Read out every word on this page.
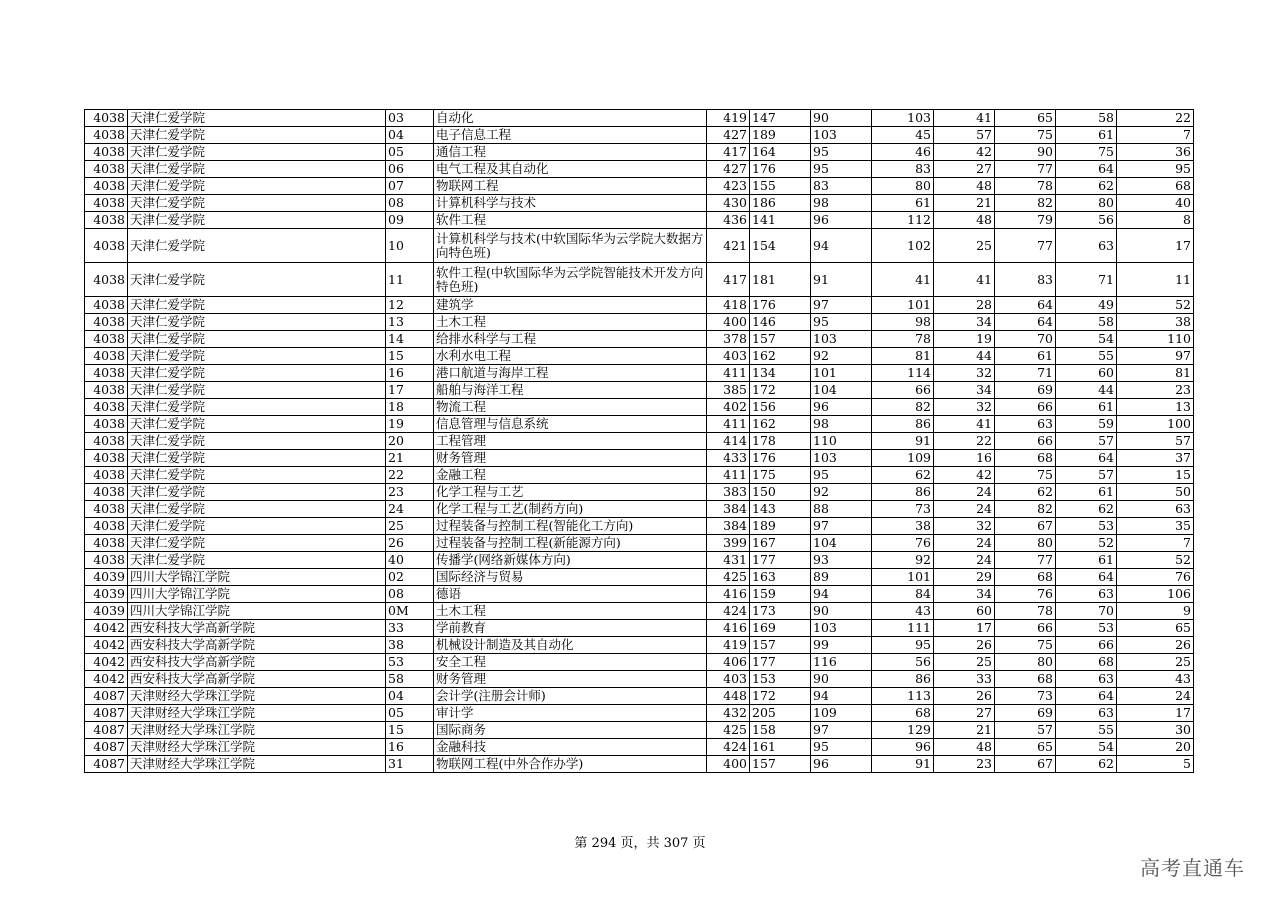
4038	天津仁爱学院	03	自动化	419	147	90	103	41	65	58	22
4038	天津仁爱学院	04	电子信息工程	427	189	103	45	57	75	61	7
4038	天津仁爱学院	05	通信工程	417	164	95	46	42	90	75	36
4038	天津仁爱学院	06	电气工程及其自动化	427	176	95	83	27	77	64	95
4038	天津仁爱学院	07	物联网工程	423	155	83	80	48	78	62	68
4038	天津仁爱学院	08	计算机科学与技术	430	186	98	61	21	82	80	40
4038	天津仁爱学院	09	软件工程	436	141	96	112	48	79	56	8
4038	天津仁爱学院	10	计算机科学与技术(中软国际华为云学院大数据方向特色班)	421	154	94	102	25	77	63	17
4038	天津仁爱学院	11	软件工程(中软国际华为云学院智能技术开发方向特色班)	417	181	91	41	41	83	71	11
4038	天津仁爱学院	12	建筑学	418	176	97	101	28	64	49	52
4038	天津仁爱学院	13	土木工程	400	146	95	98	34	64	58	38
4038	天津仁爱学院	14	给排水科学与工程	378	157	103	78	19	70	54	110
4038	天津仁爱学院	15	水利水电工程	403	162	92	81	44	61	55	97
4038	天津仁爱学院	16	港口航道与海岸工程	411	134	101	114	32	71	60	81
4038	天津仁爱学院	17	船舶与海洋工程	385	172	104	66	34	69	44	23
4038	天津仁爱学院	18	物流工程	402	156	96	82	32	66	61	13
4038	天津仁爱学院	19	信息管理与信息系统	411	162	98	86	41	63	59	100
4038	天津仁爱学院	20	工程管理	414	178	110	91	22	66	57	57
4038	天津仁爱学院	21	财务管理	433	176	103	109	16	68	64	37
4038	天津仁爱学院	22	金融工程	411	175	95	62	42	75	57	15
4038	天津仁爱学院	23	化学工程与工艺	383	150	92	86	24	62	61	50
4038	天津仁爱学院	24	化学工程与工艺(制药方向)	384	143	88	73	24	82	62	63
4038	天津仁爱学院	25	过程装备与控制工程(智能化工方向)	384	189	97	38	32	67	53	35
4038	天津仁爱学院	26	过程装备与控制工程(新能源方向)	399	167	104	76	24	80	52	7
4038	天津仁爱学院	40	传播学(网络新媒体方向)	431	177	93	92	24	77	61	52
4039	四川大学锦江学院	02	国际经济与贸易	425	163	89	101	29	68	64	76
4039	四川大学锦江学院	08	德语	416	159	94	84	34	76	63	106
4039	四川大学锦江学院	0M	土木工程	424	173	90	43	60	78	70	9
4042	西安科技大学高新学院	33	学前教育	416	169	103	111	17	66	53	65
4042	西安科技大学高新学院	38	机械设计制造及其自动化	419	157	99	95	26	75	66	26
4042	西安科技大学高新学院	53	安全工程	406	177	116	56	25	80	68	25
4042	西安科技大学高新学院	58	财务管理	403	153	90	86	33	68	63	43
4087	天津财经大学珠江学院	04	会计学(注册会计师)	448	172	94	113	26	73	64	24
4087	天津财经大学珠江学院	05	审计学	432	205	109	68	27	69	63	17
4087	天津财经大学珠江学院	15	国际商务	425	158	97	129	21	57	55	30
4087	天津财经大学珠江学院	16	金融科技	424	161	95	96	48	65	54	20
4087	天津财经大学珠江学院	31	物联网工程(中外合作办学)	400	157	96	91	23	67	62	5
第 294 页，共 307 页
高考直通车
